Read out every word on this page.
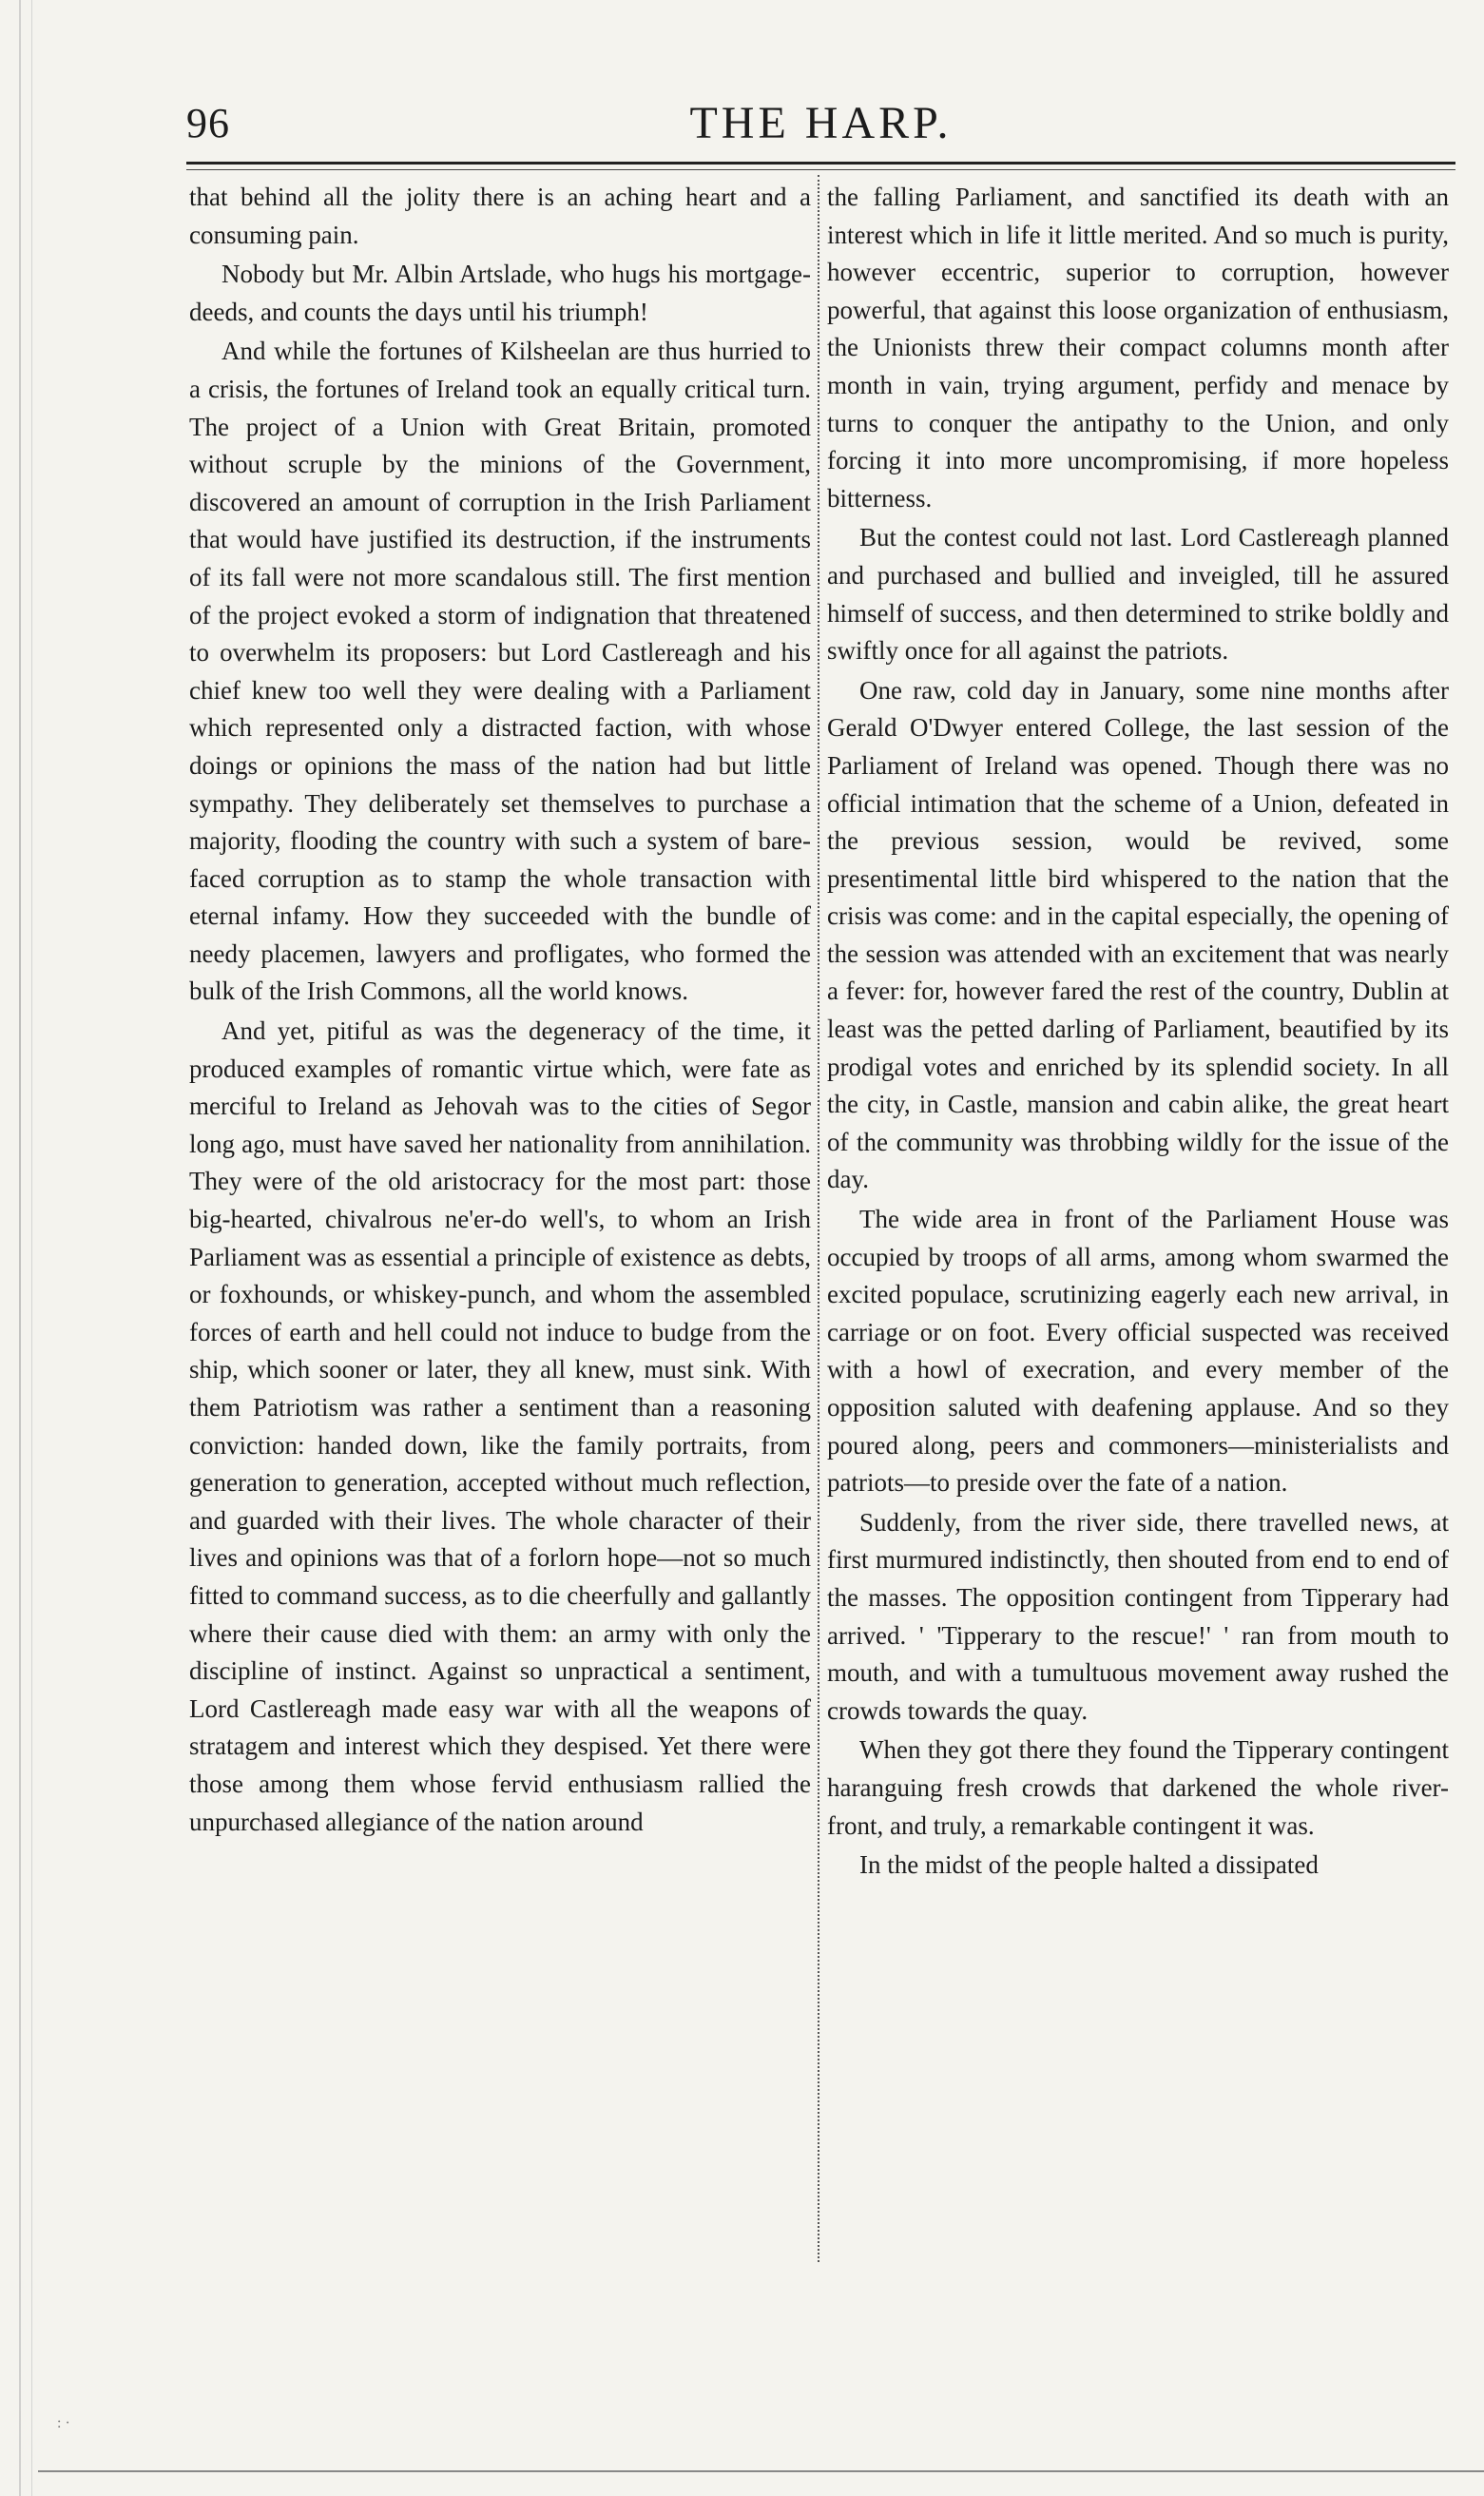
96	THE HARP.

that behind all the jolity there is an aching heart and a consuming pain.

Nobody but Mr. Albin Artslade, who hugs his mortgage-deeds, and counts the days until his triumph!

And while the fortunes of Kilsheelan are thus hurried to a crisis, the fortunes of Ireland took an equally critical turn. The project of a Union with Great Britain, promoted without scruple by the minions of the Government, discovered an amount of corruption in the Irish Parliament that would have justified its destruction, if the instruments of its fall were not more scandalous still. The first mention of the project evoked a storm of indignation that threatened to overwhelm its proposers: but Lord Castlereagh and his chief knew too well they were dealing with a Parliament which represented only a distracted faction, with whose doings or opinions the mass of the nation had but little sympathy. They deliberately set themselves to purchase a majority, flooding the country with such a system of bare-faced corruption as to stamp the whole transaction with eternal infamy. How they succeeded with the bundle of needy placemen, lawyers and profligates, who formed the bulk of the Irish Commons, all the world knows.

And yet, pitiful as was the degeneracy of the time, it produced examples of romantic virtue which, were fate as merciful to Ireland as Jehovah was to the cities of Segor long ago, must have saved her nationality from annihilation. They were of the old aristocracy for the most part: those big-hearted, chivalrous ne'er-do well's, to whom an Irish Parliament was as essential a principle of existence as debts, or foxhounds, or whiskey-punch, and whom the assembled forces of earth and hell could not induce to budge from the ship, which sooner or later, they all knew, must sink. With them Patriotism was rather a sentiment than a reasoning conviction: handed down, like the family portraits, from generation to generation, accepted without much reflection, and guarded with their lives. The whole character of their lives and opinions was that of a forlorn hope—not so much fitted to command success, as to die cheerfully and gallantly where their cause died with them: an army with only the discipline of instinct. Against so unpractical a sentiment, Lord Castlereagh made easy war with all the weapons of stratagem and interest which they despised. Yet there were those among them whose fervid enthusiasm rallied the unpurchased allegiance of the nation around

the falling Parliament, and sanctified its death with an interest which in life it little merited. And so much is purity, however eccentric, superior to corruption, however powerful, that against this loose organization of enthusiasm, the Unionists threw their compact columns month after month in vain, trying argument, perfidy and menace by turns to conquer the antipathy to the Union, and only forcing it into more uncompromising, if more hopeless bitterness.

But the contest could not last. Lord Castlereagh planned and purchased and bullied and inveigled, till he assured himself of success, and then determined to strike boldly and swiftly once for all against the patriots.

One raw, cold day in January, some nine months after Gerald O'Dwyer entered College, the last session of the Parliament of Ireland was opened. Though there was no official intimation that the scheme of a Union, defeated in the previous session, would be revived, some presentimental little bird whispered to the nation that the crisis was come: and in the capital especially, the opening of the session was attended with an excitement that was nearly a fever: for, however fared the rest of the country, Dublin at least was the petted darling of Parliament, beautified by its prodigal votes and enriched by its splendid society. In all the city, in Castle, mansion and cabin alike, the great heart of the community was throbbing wildly for the issue of the day.

The wide area in front of the Parliament House was occupied by troops of all arms, among whom swarmed the excited populace, scrutinizing eagerly each new arrival, in carriage or on foot. Every official suspected was received with a howl of execration, and every member of the opposition saluted with deafening applause. And so they poured along, peers and commoners—ministerialists and patriots—to preside over the fate of a nation.

Suddenly, from the river side, there travelled news, at first murmured indistinctly, then shouted from end to end of the masses. The opposition contingent from Tipperary had arrived. ' 'Tipperary to the rescue!' ' ran from mouth to mouth, and with a tumultuous movement away rushed the crowds towards the quay.

When they got there they found the Tipperary contingent haranguing fresh crowds that darkened the whole river-front, and truly, a remarkable contingent it was.

In the midst of the people halted a dissipated

: ·
